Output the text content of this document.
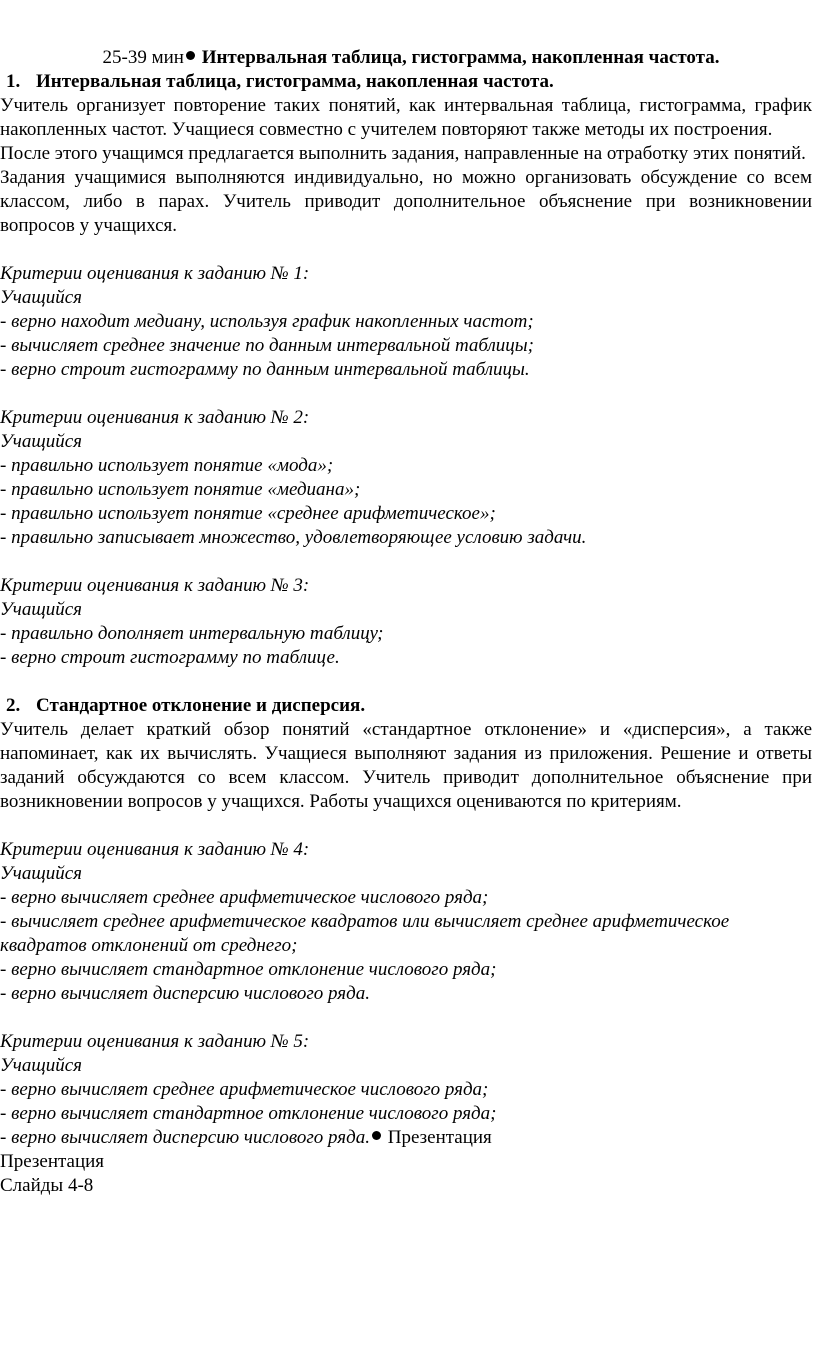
25-39 мин Интервальная таблица, гистограмма, накопленная частота.

1. Интервальная таблица, гистограмма, накопленная частота.

Учитель организует повторение таких понятий, как интервальная таблица, гистограмма, график накопленных частот. Учащиеся совместно с учителем повторяют также методы их построения.

После этого учащимся предлагается выполнить задания, направленные на отработку этих понятий.

Задания учащимися выполняются индивидуально, но можно организовать обсуждение со всем классом, либо в парах. Учитель приводит дополнительное объяснение при возникновении вопросов у учащихся.

Критерии оценивания к заданию № 1:

Учащийся

- верно находит медиану, используя график накопленных частот;

- вычисляет среднее значение по данным интервальной таблицы;

- верно строит гистограмму по данным интервальной таблицы.

Критерии оценивания к заданию № 2:

Учащийся

- правильно использует понятие «мода»;

- правильно использует понятие «медиана»;

- правильно использует понятие «среднее арифметическое»;

- правильно записывает множество, удовлетворяющее условию задачи.

Критерии оценивания к заданию № 3:

Учащийся

- правильно дополняет интервальную таблицу;

- верно строит гистограмму по таблице.

2. Стандартное отклонение и дисперсия.

Учитель делает краткий обзор понятий «стандартное отклонение» и «дисперсия», а также напоминает, как их вычислять. Учащиеся выполняют задания из приложения. Решение и ответы заданий обсуждаются со всем классом. Учитель приводит дополнительное объяснение при возникновении вопросов у учащихся. Работы учащихся оцениваются по критериям.

Критерии оценивания к заданию № 4:

Учащийся

- верно вычисляет среднее арифметическое числового ряда;

- вычисляет среднее арифметическое квадратов или вычисляет среднее арифметическое квадратов отклонений от среднего;

- верно вычисляет стандартное отклонение числового ряда;

- верно вычисляет дисперсию числового ряда.

Критерии оценивания к заданию № 5:

Учащийся

- верно вычисляет среднее арифметическое числового ряда;

- верно вычисляет стандартное отклонение числового ряда;

- верно вычисляет дисперсию числового ряда. Презентация

Презентация

Слайды 4-8
